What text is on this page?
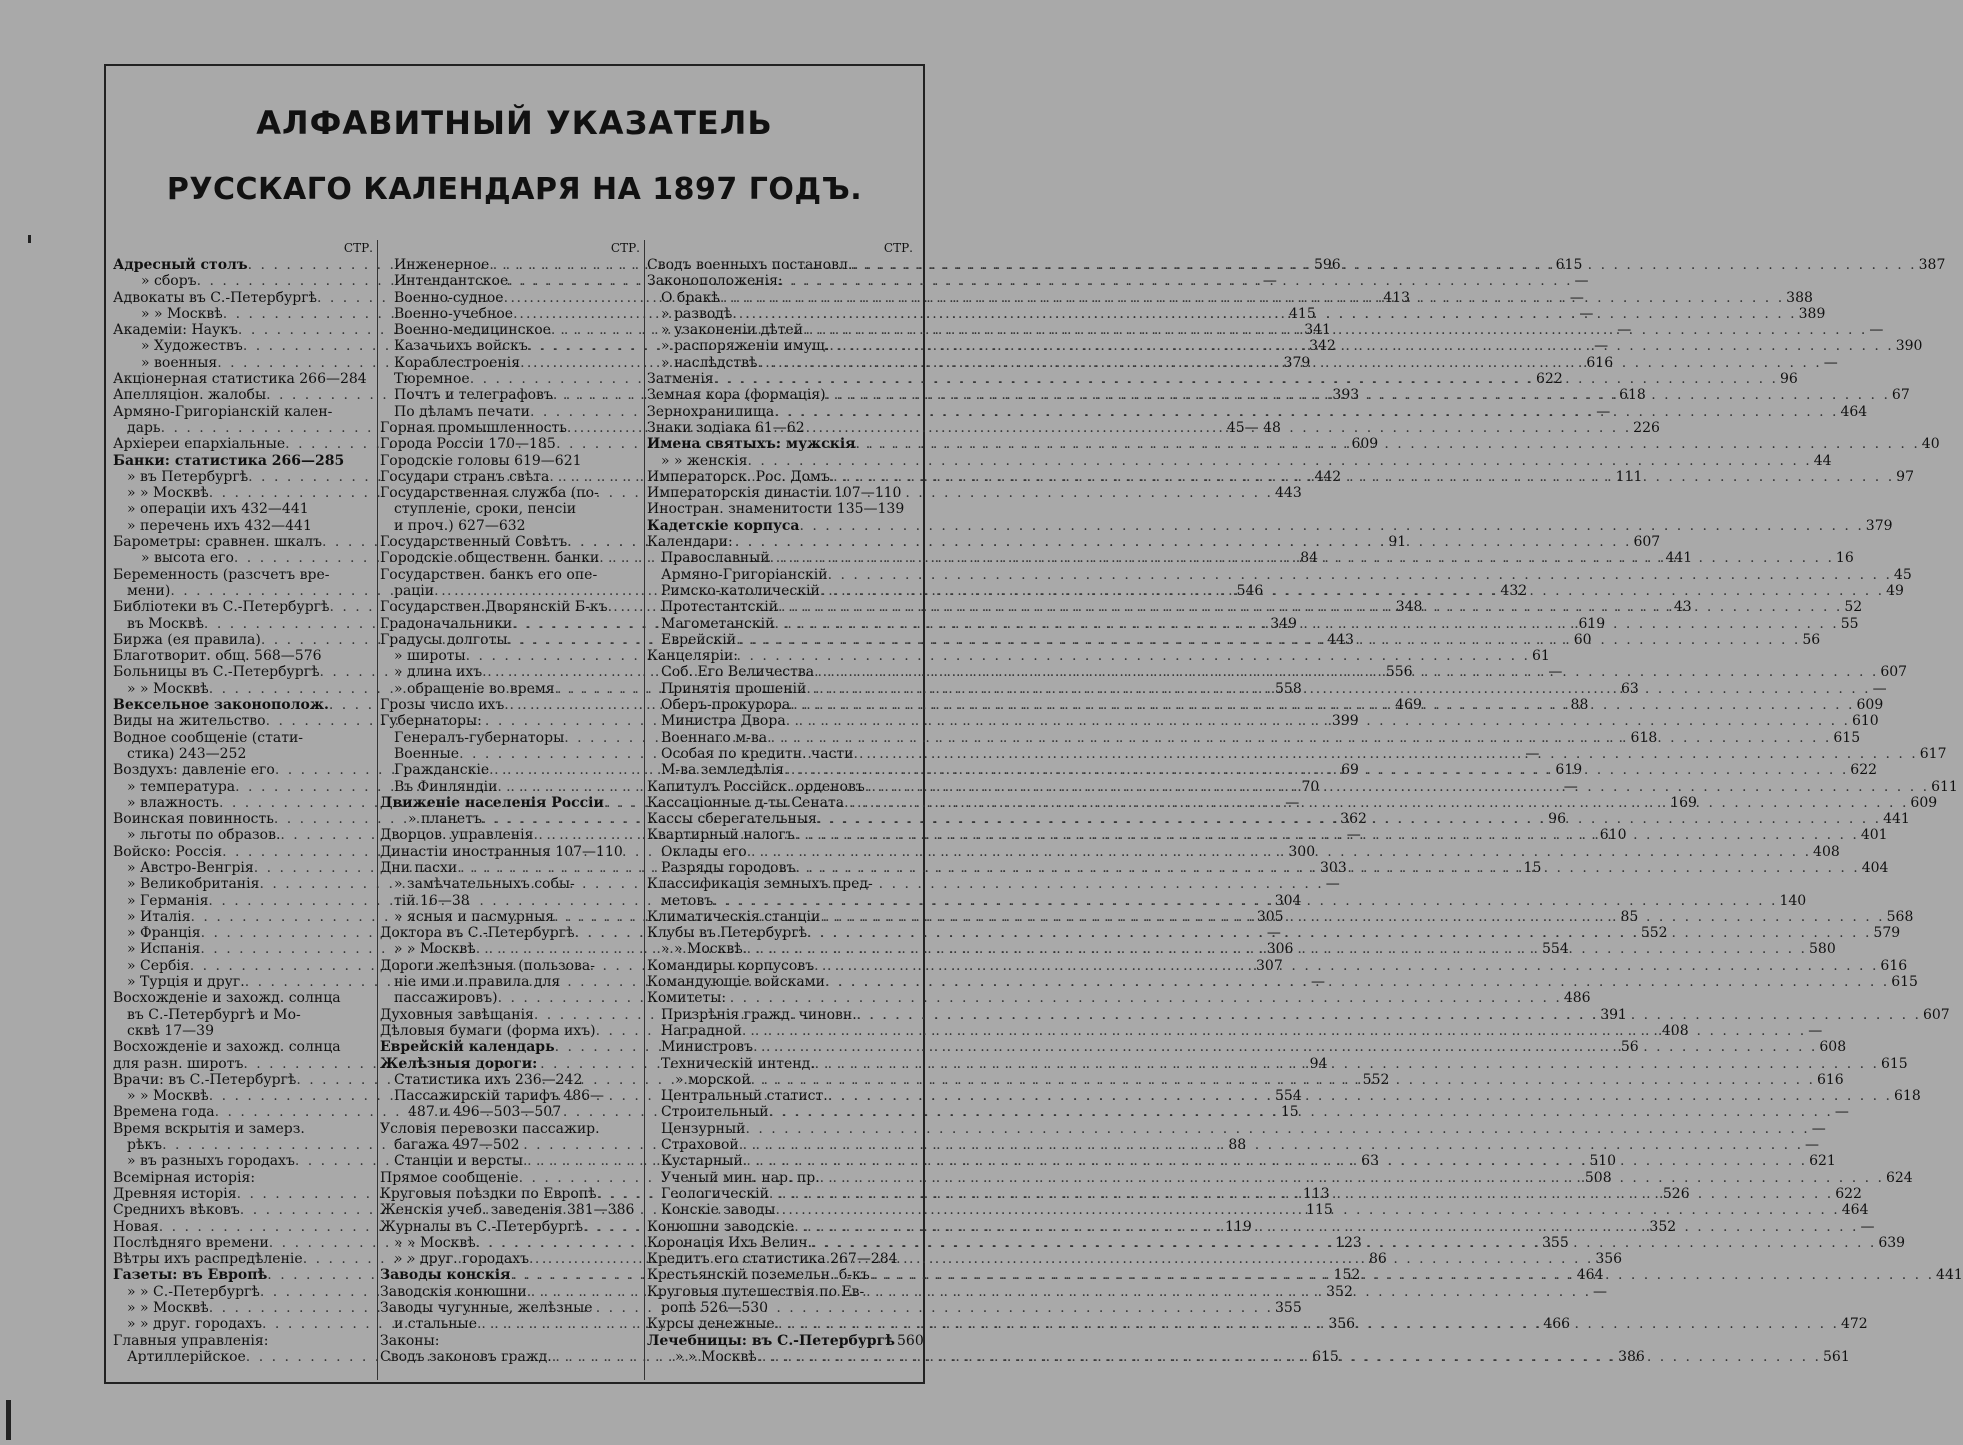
АЛФАВИТНЫЙ УКАЗАТЕЛЬ
РУССКАГО КАЛЕНДАРЯ НА 1897 ГОДЪ.
СТР.
Адресный столъ . . .	596
» сборъ . . .	—
Адвокаты въ С.-Петербургѣ . . .	413
» » Москвѣ . . .	415
Академіи: Наукъ . . .	341
» Художествъ . . .	342
» военныя . . .	379
Акціонерная статистика 266—284
Апелляціон. жалобы . . .	393
Армяно-Григоріанскій калeн-
дарь . . .	45— 48
Архіереи епархіальные . . .	609
Банки: статистика 266—285
» въ Петербургѣ . . .	442
» » Москвѣ . . .	443
» операціи ихъ 432—441
» перечень ихъ 432—441
Барометры: сравнен. шкалъ . . .	91
» высота его . . .	84
Беременность (разсчетъ вре-
мени) . . .	546
Библіотеки въ С.-Петербургѣ . . .	348
въ Москвѣ . . .	349
Биржа (ея правила) . . .	443
Благотворит. общ. 568—576
Больницы въ С.-Петербургѣ . . .	556
» » Москвѣ . . .	558
Вексельное законополож. . . .	469
Виды на жительство . . .	399
Водное сообщеніе (стати-
стика) 243—252
Воздухъ: давленіе его . . .	69
» температура . . .	70
» влажность . . .	—
Воинская повинность . . .	362
» льготы по образов. . . .	—
Войско: Россія . . .	300
» Австро-Венгрія . . .	303
» Великобританія . . .	—
» Германія . . .	304
» Италія . . .	305
» Франція . . .	—
» Испанія . . .	306
» Сербія . . .	307
» Турція и друг. . . .	—
Восхожденіе и захожд. солнца
въ С.-Петербургѣ и Мо-
сквѣ 17—39
Восхожденіе и захожд. солнца
для разн. широтъ . . .	94
Врачи: въ С.-Петербургѣ . . .	552
» » Москвѣ . . .	554
Времена года . . .	15
Время вскрытія и замерз.
рѣкъ . . .	88
» въ разныхъ городахъ . . .	63
Всемірная исторія:
Древняя исторія . . .	113
Среднихъ вѣковъ . . .	115
Новая . . .	119
Послѣдняго времени . . .	123
Вѣтры ихъ распредѣленіе . . .	86
Газеты: въ Европѣ . . .	152
» » С.-Петербургѣ . . .	352
» » Москвѣ . . .	355
» » друг. городахъ . . .	356
Главныя управленія:
Артиллерійское . . .	615
СТР.
Инженерное . . .	615
Интендантское . . .	—
Военно-судное . . .	—
Военно-учебное . . .	—
Военно-медицинское . . .	—
Казачьихъ войскъ . . .	—
Кораблестроенія . . .	616
Тюремное . . .	622
Почтъ и телеграфовъ . . .	618
По дѣламъ печати . . .	—
Горная промышленность . . .	226
Города Россіи 170—185
Городскіе головы 619—621
Государи странъ свѣта . . .	111
Государственная служба (по-
ступленіе, сроки, пенсіи
и проч.) 627—632
Государственный Совѣтъ . . .	607
Городскіе общественн. банки . . .	441
Государствен. банкъ его опе-
раціи . . .	432
Государствен.Дворянскій Б-къ . . .	43
Градоначальники . . .	619
Градусы долготы . . .	60
» широты . . .	61
» длина ихъ . . .	—
» обращеніе во время . . .	63
Грозы число ихъ . . .	88
Губернаторы:
Генералъ-губернаторы . . .	618
Военные . . .	—
Гражданскіе . . .	619
Въ Финляндіи . . .	—
Движеніе населенія Россіи . . .	169
» планетъ . . .	96
Дворцов. управленія . . .	610
Династіи иностранныя 107—110
Дни пасхи . . .	15
» замѣчательныхъ собы-
тій 16—38
» ясныя и пасмурныя . . .	85
Доктора въ С.-Петербургѣ . . .	552
» » Москвѣ . . .	554
Дороги желѣзныя (пользова-
ніе ими и правила для
пассажировъ) . . .	486
Духовныя завѣщанія . . .	391
Дѣловыя бумаги (форма ихъ) . . .	408
Еврейскій календарь . . .	56
Желѣзныя дороги:
Статистика ихъ 236—242
Пассажирскій тарифъ 486—
487 и 496—503—507
Условія перевозки пассажир.
багажа 497—502
Станціи и версты . . .	510
Прямое сообщеніе . . .	508
Круговыя поѣздки по Европѣ . . .	526
Женскія учеб. заведенія 381—386
Журналы въ С.-Петербургѣ . . .	352
» » Москвѣ . . .	355
» » друг. городахъ . . .	356
Заводы конскія . . .	464
Заводскія конюшни . . .	—
Заводы чугунные, желѣзные
и стальные . . .	466
Законы:
Сводъ законовъ гражд. . . .	386
СТР.
Сводъ военныхъ постановл. . . .	387
Законоположенія:
О бракѣ . . .	388
» разводѣ . . .	389
» узаконеніи дѣтей . . .	—
» распоряженіи имущ. . . .	390
» наслѣдствѣ . . .	—
Затменія . . .	96
Земная кора (формація) . . .	67
Зернохранилища . . .	464
Знаки зодіака 61—62
Имена святыхъ: мужскія . . .	40
» » женскія . . .	44
Императорск. Рос. Домъ . . .	97
Императорскія династіи 107—110
Иностран. знаменитости 135—139
Кадетскіе корпуса . . .	379
Календари:
Православный . . .	16
Армяно-Григоріанскій . . .	45
Римско-католическій . . .	49
Протестантскій . . .	52
Магометанскій . . .	55
Еврейскій . . .	56
Канцеляріи:
Соб. Его Величества . . .	607
Принятія прошеній . . .	—
Оберъ-прокурора . . .	609
Министра Двора . . .	610
Военнаго м-ва . . .	615
Особая по кредитн. части . . .	617
М-ва земледѣлія . . .	622
Капитулъ Россійск. орденовъ . . .	611
Кассаціонные д-ты Сената . . .	609
Кассы сберегательныя . . .	441
Квартирный налогъ . . .	401
Оклады его . . .	408
Разряды городовъ . . .	404
Классификація земныхъ пред-
метовъ . . .	140
Климатическія станціи . . .	568
Клубы въ Петербургѣ . . .	579
» » Москвѣ . . .	580
Командиры корпусовъ . . .	616
Командующіе войсками . . .	615
Комитеты:
Призрѣнія гражд. чиновн. . . .	607
Наградной . . .	—
Министровъ . . .	608
Техническій интенд. . . .	615
» морской . . .	616
Центральный статист. . . .	618
Строительный . . .	—
Цензурный . . .	—
Страховой . . .	—
Кустарный . . .	621
Ученый мин. нар. пр. . . .	624
Геологическій . . .	622
Конскіе заводы . . .	464
Конюшни заводскіе . . .	—
Коронація Ихъ Велич. . . .	639
Кредитъ его статистика 267—284
Крестьянскій поземельн. б-къ . . .	441
Круговыя путешествія по Ев-
ропѣ 526—530
Курсы денежные . . .	472
Лечебницы: въ С.-Петербургѣ 560
» » Москвѣ . . .	561
